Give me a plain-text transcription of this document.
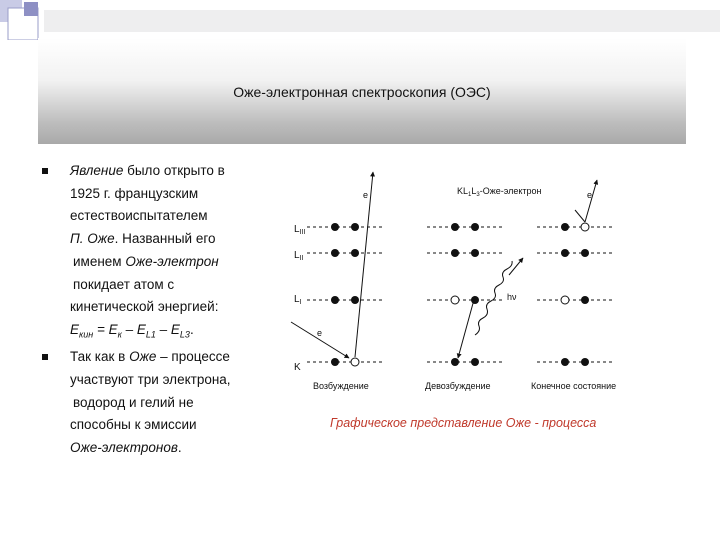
Оже-электронная спектроскопия (ОЭС)
Явление было открыто в
1925 г. французским
естествоиспытателем
П. Оже. Названный его
именем Оже-электрон
покидает атом с
кинетической энергией:
$E_{кин} = E_к - E_{L1} - E_{L3}$.
Так как в Оже – процессе
участвуют три электрона,
водород и гелий не
способны к эмиссии
Оже-электронов.
$L_{III}$
$L_{II}$
$L_I$
K
e
e
hν
$KL_1L_3-Оже$-электрон	e
Возбуждение	Девозбуждение	Конечное состояние
Графическое представление Оже - процесса
